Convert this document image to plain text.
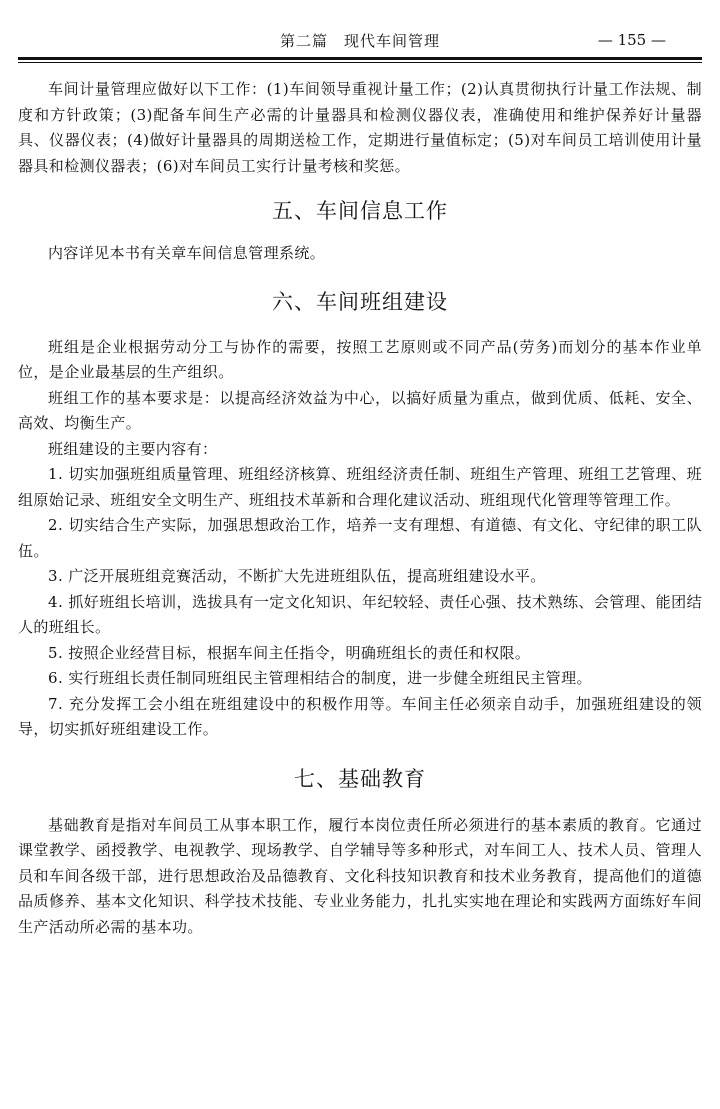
第二篇　现代车间管理	— 155 —

车间计量管理应做好以下工作：(1)车间领导重视计量工作；(2)认真贯彻执行计量工作法规、制度和方针政策；(3)配备车间生产必需的计量器具和检测仪器仪表，准确使用和维护保养好计量器具、仪器仪表；(4)做好计量器具的周期送检工作，定期进行量值标定；(5)对车间员工培训使用计量器具和检测仪器表；(6)对车间员工实行计量考核和奖惩。

五、车间信息工作

内容详见本书有关章车间信息管理系统。

六、车间班组建设

班组是企业根据劳动分工与协作的需要，按照工艺原则或不同产品(劳务)而划分的基本作业单位，是企业最基层的生产组织。

班组工作的基本要求是：以提高经济效益为中心，以搞好质量为重点，做到优质、低耗、安全、高效、均衡生产。

班组建设的主要内容有：

1. 切实加强班组质量管理、班组经济核算、班组经济责任制、班组生产管理、班组工艺管理、班组原始记录、班组安全文明生产、班组技术革新和合理化建议活动、班组现代化管理等管理工作。

2. 切实结合生产实际，加强思想政治工作，培养一支有理想、有道德、有文化、守纪律的职工队伍。

3. 广泛开展班组竞赛活动，不断扩大先进班组队伍，提高班组建设水平。

4. 抓好班组长培训，选拔具有一定文化知识、年纪较轻、责任心强、技术熟练、会管理、能团结人的班组长。

5. 按照企业经营目标，根据车间主任指令，明确班组长的责任和权限。

6. 实行班组长责任制同班组民主管理相结合的制度，进一步健全班组民主管理。

7. 充分发挥工会小组在班组建设中的积极作用等。车间主任必须亲自动手，加强班组建设的领导，切实抓好班组建设工作。

七、基础教育

基础教育是指对车间员工从事本职工作，履行本岗位责任所必须进行的基本素质的教育。它通过课堂教学、函授教学、电视教学、现场教学、自学辅导等多种形式，对车间工人、技术人员、管理人员和车间各级干部，进行思想政治及品德教育、文化科技知识教育和技术业务教育，提高他们的道德品质修养、基本文化知识、科学技术技能、专业业务能力，扎扎实实地在理论和实践两方面练好车间生产活动所必需的基本功。
